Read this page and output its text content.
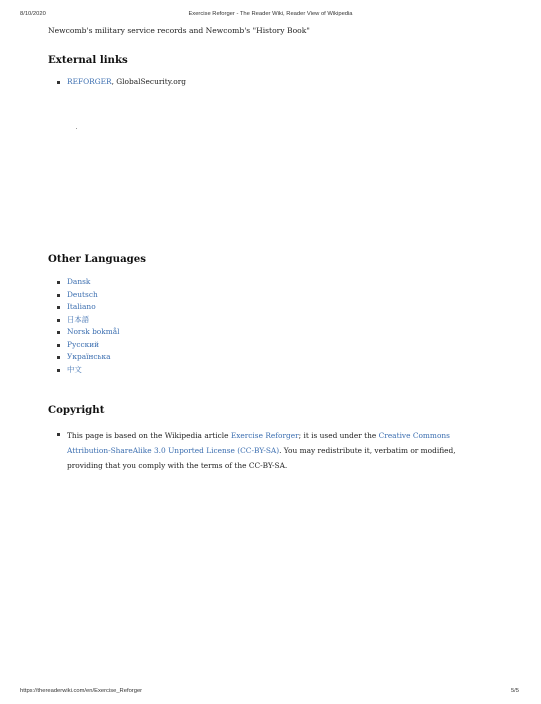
8/10/2020	Exercise Reforger - The Reader Wiki, Reader View of Wikipedia

Newcomb's military service records and Newcomb's "History Book"

External links
REFORGER, GlobalSecurity.org
Other Languages
Dansk
Deutsch
Italiano
日本語
Norsk bokmål
Русский
Українська
中文
Copyright
This page is based on the Wikipedia article Exercise Reforger; it is used under the Creative Commons Attribution-ShareAlike 3.0 Unported License (CC-BY-SA). You may redistribute it, verbatim or modified, providing that you comply with the terms of the CC-BY-SA.
https://thereaderwiki.com/en/Exercise_Reforger	5/5
